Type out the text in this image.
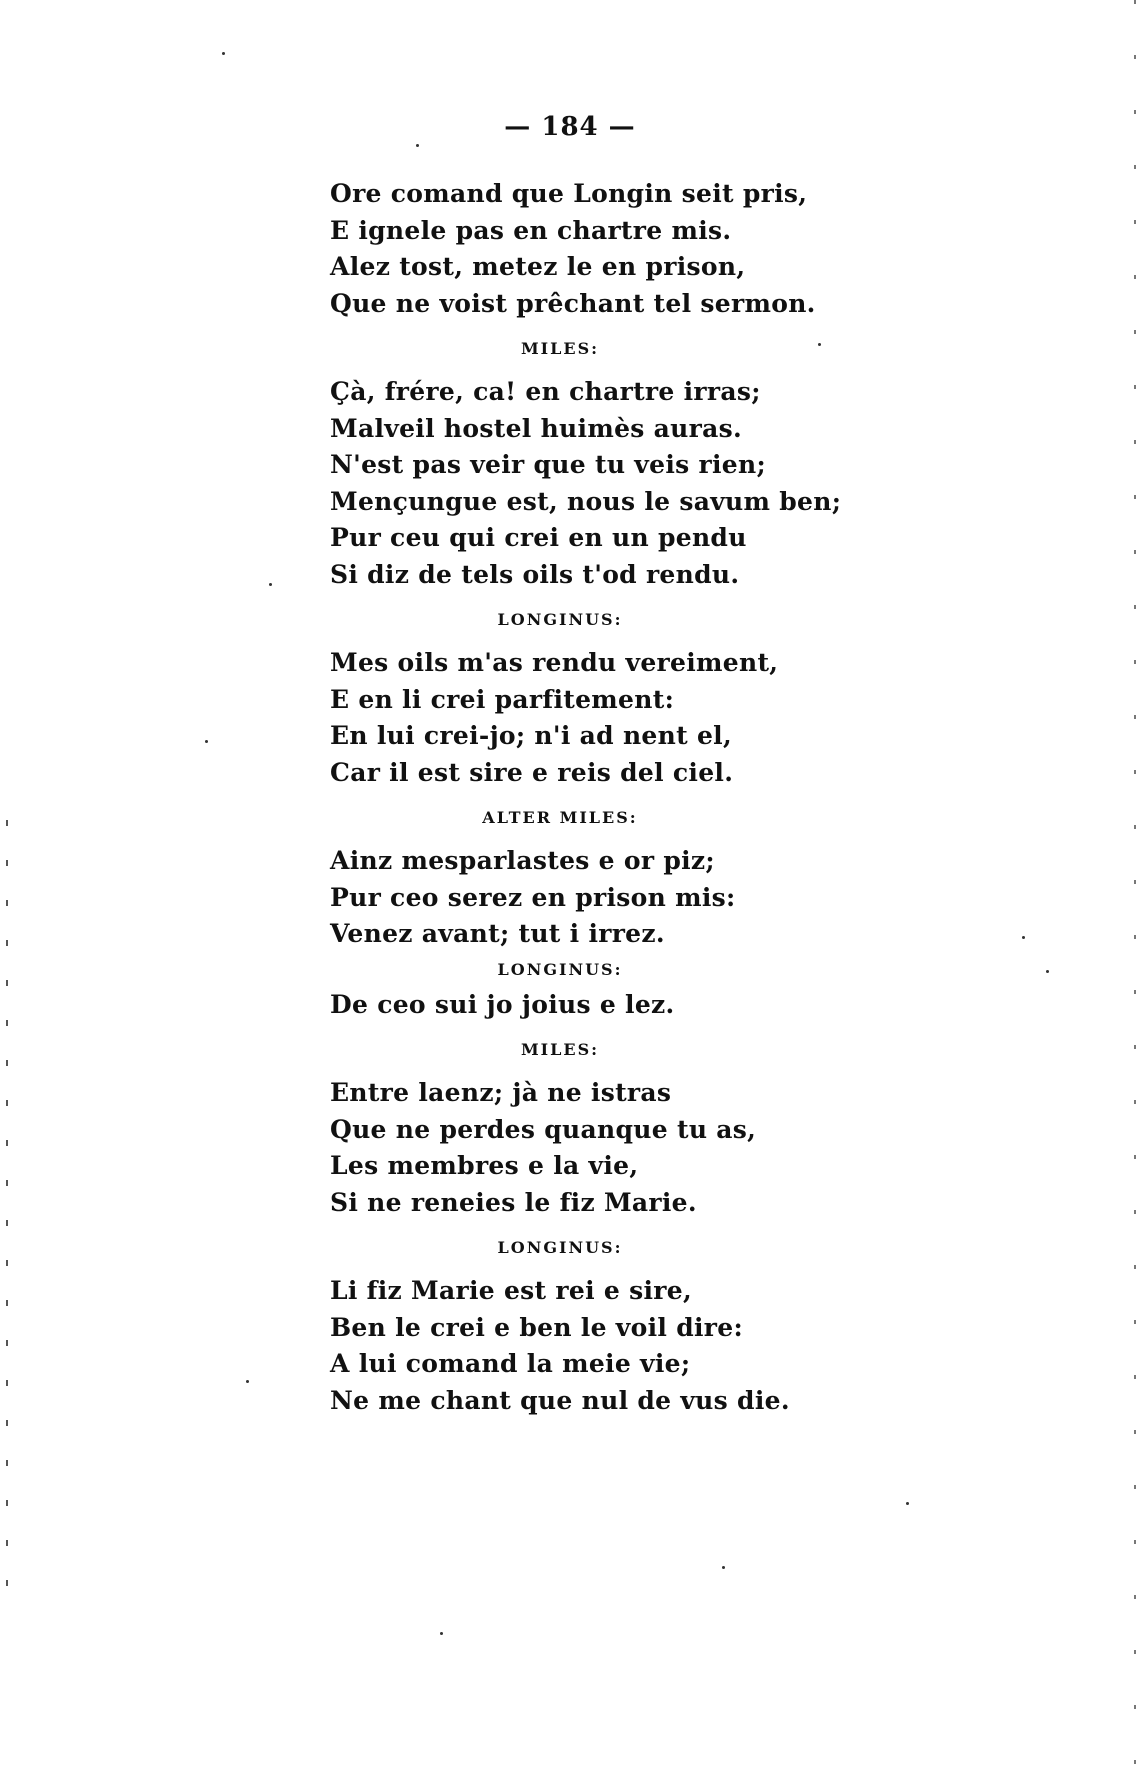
— 184 —
Ore comand que Longin seit pris,
E ignele pas en chartre mis.
Alez tost, metez le en prison,
Que ne voist prêchant tel sermon.
MILES:
Çà, frére, ca! en chartre irras;
Malveil hostel huimès auras.
N'est pas veir que tu veis rien;
Mençungue est, nous le savum ben;
Pur ceu qui crei en un pendu
Si diz de tels oils t'od rendu.
LONGINUS:
Mes oils m'as rendu vereiment,
E en li crei parfitement:
En lui crei-jo; n'i ad nent el,
Car il est sire e reis del ciel.
ALTER MILES:
Ainz mesparlastes e or piz;
Pur ceo serez en prison mis:
Venez avant; tut i irrez.
LONGINUS:
De ceo sui jo joius e lez.
MILES:
Entre laenz; jà ne istras
Que ne perdes quanque tu as,
Les membres e la vie,
Si ne reneies le fiz Marie.
LONGINUS:
Li fiz Marie est rei e sire,
Ben le crei e ben le voil dire:
A lui comand la meie vie;
Ne me chant que nul de vus die.
